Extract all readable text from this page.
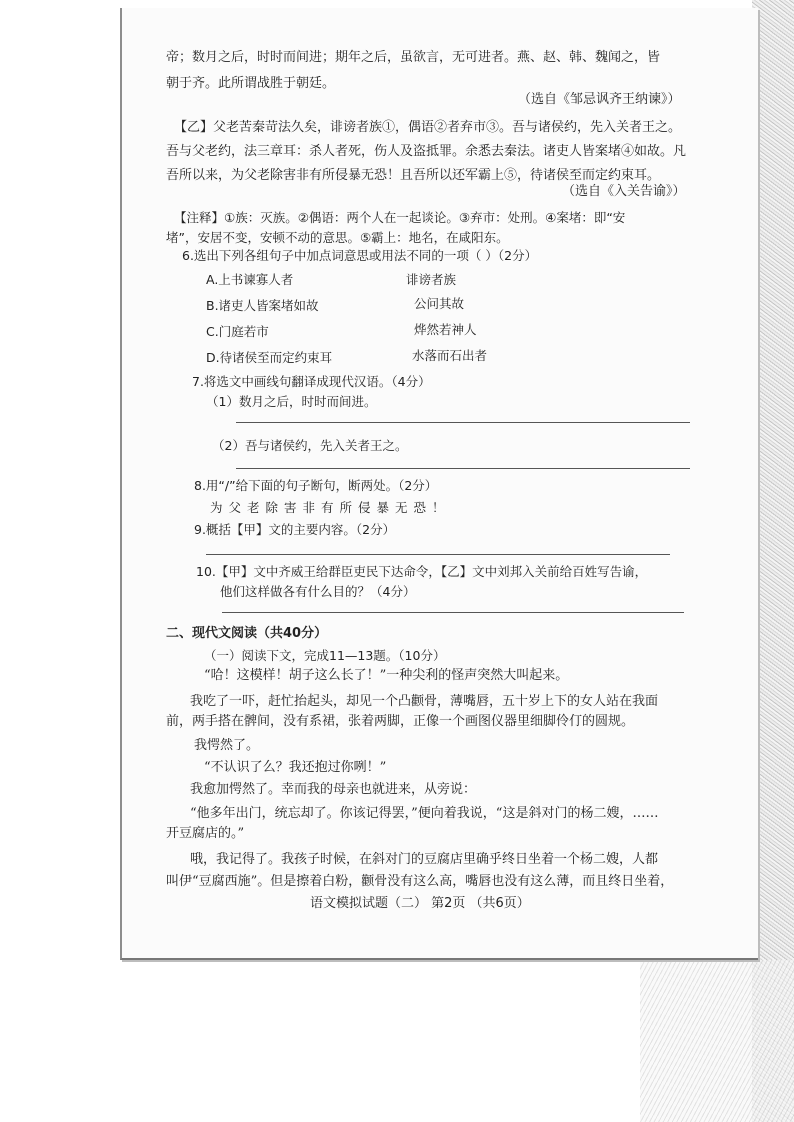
帝；数月之后，时时而间进；期年之后，虽欲言，无可进者。燕、赵、韩、魏闻之，皆
朝于齐。此所谓战胜于朝廷。
（选自《邹忌讽齐王纳谏》）
【乙】父老苦秦苛法久矣，诽谤者族①，偶语②者弃市③。吾与诸侯约，先入关者王之。
吾与父老约，法三章耳：杀人者死，伤人及盗抵罪。余悉去秦法。诸吏人皆案堵④如故。凡
吾所以来，为父老除害非有所侵暴无恐！且吾所以还军霸上⑤，待诸侯至而定约束耳。
（选自《入关告谕》）
【注释】①族：灭族。②偶语：两个人在一起谈论。③弃市：处刑。④案堵：即“安
堵”，安居不变，安顿不动的意思。⑤霸上：地名，在咸阳东。
6.选出下列各组句子中加点词意思或用法不同的一项（ ）（2分）
A.上书谏寡人者	诽谤者族
B.诸吏人皆案堵如故	公问其故
C.门庭若市	烨然若神人
D.待诸侯至而定约束耳	水落而石出者
7.将选文中画线句翻译成现代汉语。（4分）
（1）数月之后，时时而间进。
（2）吾与诸侯约，先入关者王之。
8.用“/”给下面的句子断句，断两处。（2分）
为父老除害非有所侵暴无恐！
9.概括【甲】文的主要内容。（2分）
10.【甲】文中齐威王给群臣吏民下达命令，【乙】文中刘邦入关前给百姓写告谕，
他们这样做各有什么目的？（4分）
二、现代文阅读（共40分）
（一）阅读下文，完成11—13题。（10分）
“哈！这模样！胡子这么长了！”一种尖利的怪声突然大叫起来。
我吃了一吓，赶忙抬起头，却见一个凸颧骨，薄嘴唇，五十岁上下的女人站在我面
前，两手搭在髀间，没有系裙，张着两脚，正像一个画图仪器里细脚伶仃的圆规。
我愕然了。
“不认识了么？我还抱过你咧！”
我愈加愕然了。幸而我的母亲也就进来，从旁说：
“他多年出门，统忘却了。你该记得罢，”便向着我说，“这是斜对门的杨二嫂，……
开豆腐店的。”
哦，我记得了。我孩子时候，在斜对门的豆腐店里确乎终日坐着一个杨二嫂，人都
叫伊“豆腐西施”。但是擦着白粉，颧骨没有这么高，嘴唇也没有这么薄，而且终日坐着，
语文模拟试题（二） 第2页 （共6页）
